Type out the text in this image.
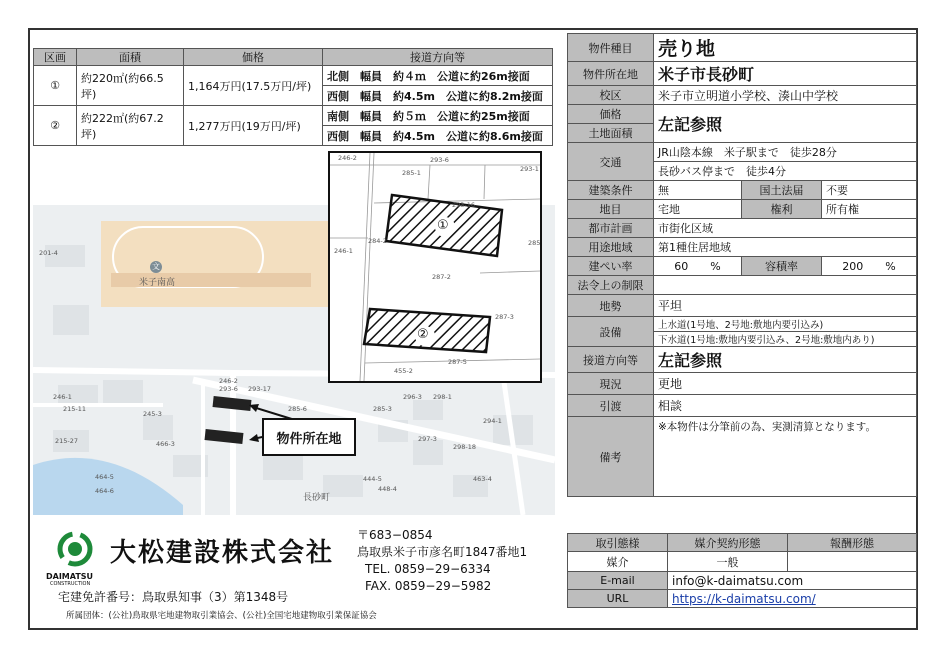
区画	面積	価格	接道方向等
①	約220㎡(約66.5坪)	1,164万円(17.5万円/坪)	北側　幅員　約４ｍ　公道に約26m接面
			西側　幅員　約4.5m　公道に約8.2m接面
②	約222㎡(約67.2坪)	1,277万円(19万円/坪)	南側　幅員　約５ｍ　公道に約25m接面
			西側　幅員　約4.5m　公道に約8.6m接面
文
米子南高
長砂町
201-4
246-2
293-6 293-17
285-6
245-3
246-1
215-11
215-27	466-3
464-5
464-6
285-3
296-3 298-1
297-3
298-18
294-1
444-5
448-4
463-4
物件所在地
①
②
246-2	293-6
285-1
293-16
293-1
246-1
284-2
287-2
285
287-3
287-5
455-2
物件種目	売り地		
物件所在地	米子市長砂町		
校区	米子市立明道小学校、湊山中学校		
価格	左記参照		
土地面積			
交通	JR山陰本線　米子駅まで　徒歩28分		
	長砂バス停まで　徒歩4分		
建築条件	無	国土法届	不要
地目	宅地	権利	所有権
都市計画	市街化区域		
用途地域	第1種住居地域		
建ぺい率	60　　 %	容積率	200　　 %
法令上の制限			
地勢	平坦		
設備	上水道(1号地、2号地:敷地内要引込み)		
	下水道(1号地:敷地内要引込み、2号地:敷地内あり)		
接道方向等	左記参照		
現況	更地		
引渡	相談		
備考	※本物件は分筆前の為、実測清算となります。		
DAIMATSU
CONSTRUCTION
大松建設株式会社
〒683−0854
鳥取県米子市彦名町1847番地1
TEL. 0859−29−6334
FAX. 0859−29−5982
宅建免許番号：鳥取県知事（3）第1348号
所属団体：(公社)鳥取県宅地建物取引業協会、(公社)全国宅地建物取引業保証協会
取引態様	媒介契約形態	報酬形態
媒介	一般	
E-mail	info@k-daimatsu.com	
URL	https://k-daimatsu.com/	
